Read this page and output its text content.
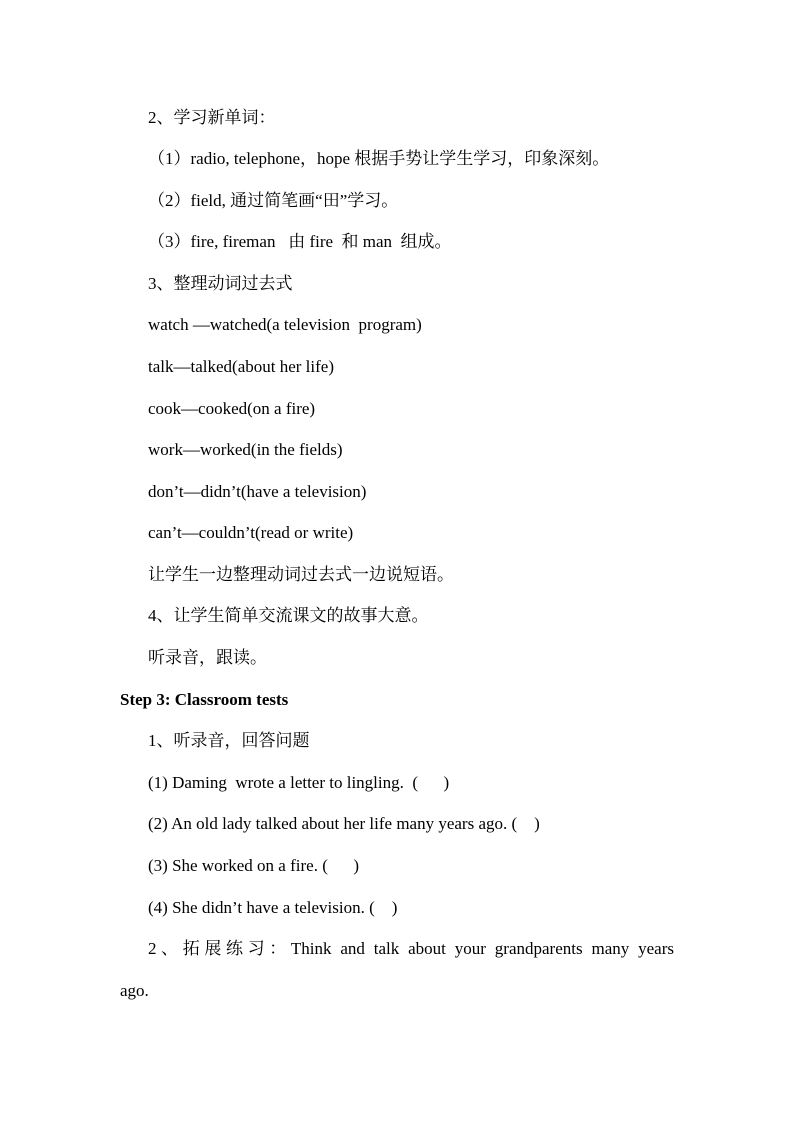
2、学习新单词：
（1）radio, telephone，hope 根据手势让学生学习，印象深刻。
（2）field, 通过简笔画“田”学习。
（3）fire, fireman   由 fire  和 man  组成。
3、整理动词过去式
watch —watched(a television  program)
talk—talked(about her life)
cook—cooked(on a fire)
work—worked(in the fields)
don’t—didn’t(have a television)
can’t—couldn’t(read or write)
让学生一边整理动词过去式一边说短语。
4、让学生简单交流课文的故事大意。
听录音，跟读。
Step 3: Classroom tests
1、听录音，回答问题
(1) Daming  wrote a letter to lingling.  (      )
(2) An old lady talked about her life many years ago. (    )
(3) She worked on a fire. (      )
(4) She didn’t have a television. (    )
2、拓展练习：Think and talk about your grandparents many years
ago.
